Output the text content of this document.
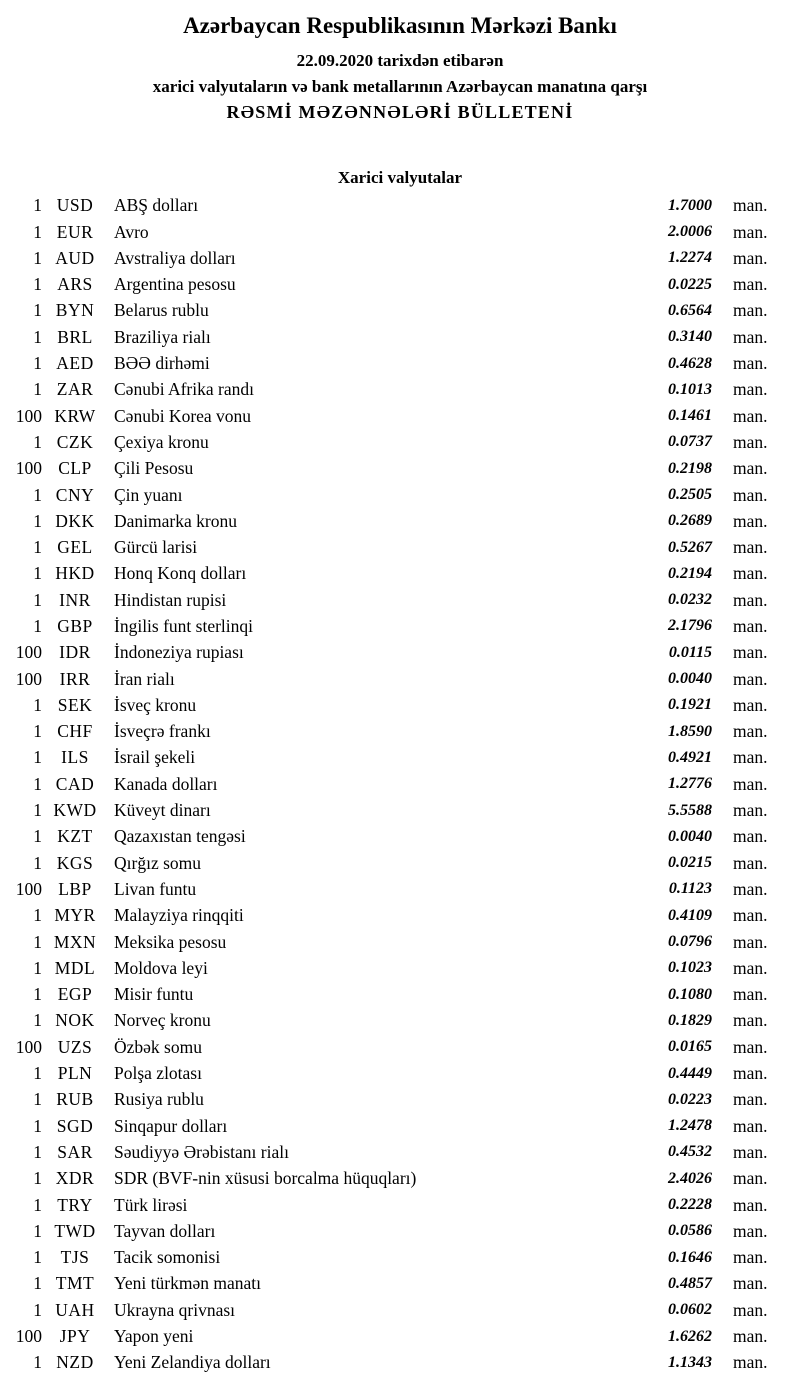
Azərbaycan Respublikasının Mərkəzi Bankı
22.09.2020 tarixdən etibarən
xarici valyutaların və bank metallarının Azərbaycan manatına qarşı
RƏSMİ MƏZƏNNƏLƏRİ BÜLLETENİ
Xarici valyutalar
1 USD	ABŞ dolları	1.7000	man.
1 EUR	Avro	2.0006	man.
1 AUD	Avstraliya dolları	1.2274	man.
1 ARS	Argentina pesosu	0.0225	man.
1 BYN	Belarus rublu	0.6564	man.
1 BRL	Braziliya rialı	0.3140	man.
1 AED	BƏƏ dirhəmi	0.4628	man.
1 ZAR	Cənubi Afrika randı	0.1013	man.
100 KRW	Cənubi Korea vonu	0.1461	man.
1 CZK	Çexiya kronu	0.0737	man.
100 CLP	Çili Pesosu	0.2198	man.
1 CNY	Çin yuanı	0.2505	man.
1 DKK	Danimarka kronu	0.2689	man.
1 GEL	Gürcü larisi	0.5267	man.
1 HKD	Honq Konq dolları	0.2194	man.
1 INR	Hindistan rupisi	0.0232	man.
1 GBP	İngilis funt sterlinqi	2.1796	man.
100 IDR	İndoneziya rupiası	0.0115	man.
100	IRR	İran rialı	0.0040	man.
1 SEK	İsveç kronu	0.1921	man.
1 CHF	İsveçrə frankı	1.8590	man.
1	ILS	İsrail şekeli	0.4921	man.
1 CAD	Kanada dolları	1.2776	man.
1 KWD Küveyt dinarı	5.5588	man.
1 KZT	Qazaxıstan tengəsi	0.0040	man.
1 KGS	Qırğız somu	0.0215	man.
100 LBP	Livan funtu	0.1123	man.
1 MYR	Malayziya rinqqiti	0.4109	man.
1 MXN	Meksika pesosu	0.0796	man.
1 MDL	Moldova leyi	0.1023	man.
1 EGP	Misir funtu	0.1080	man.
1 NOK	Norveç kronu	0.1829	man.
100 UZS	Özbək somu	0.0165	man.
1 PLN	Polşa zlotası	0.4449	man.
1 RUB	Rusiya rublu	0.0223	man.
1 SGD	Sinqapur dolları	1.2478	man.
1 SAR	Səudiyyə Ərəbistanı rialı	0.4532	man.
1 XDR	SDR (BVF-nin xüsusi borcalma hüquqları)	2.4026	man.
1 TRY	Türk lirəsi	0.2228	man.
1 TWD	Tayvan dolları	0.0586	man.
1	TJS	Tacik somonisi	0.1646	man.
1 TMT	Yeni türkmən manatı	0.4857	man.
1 UAH	Ukrayna qrivnası	0.0602	man.
100	JPY	Yapon yeni	1.6262	man.
1 NZD	Yeni Zelandiya dolları	1.1343	man.
